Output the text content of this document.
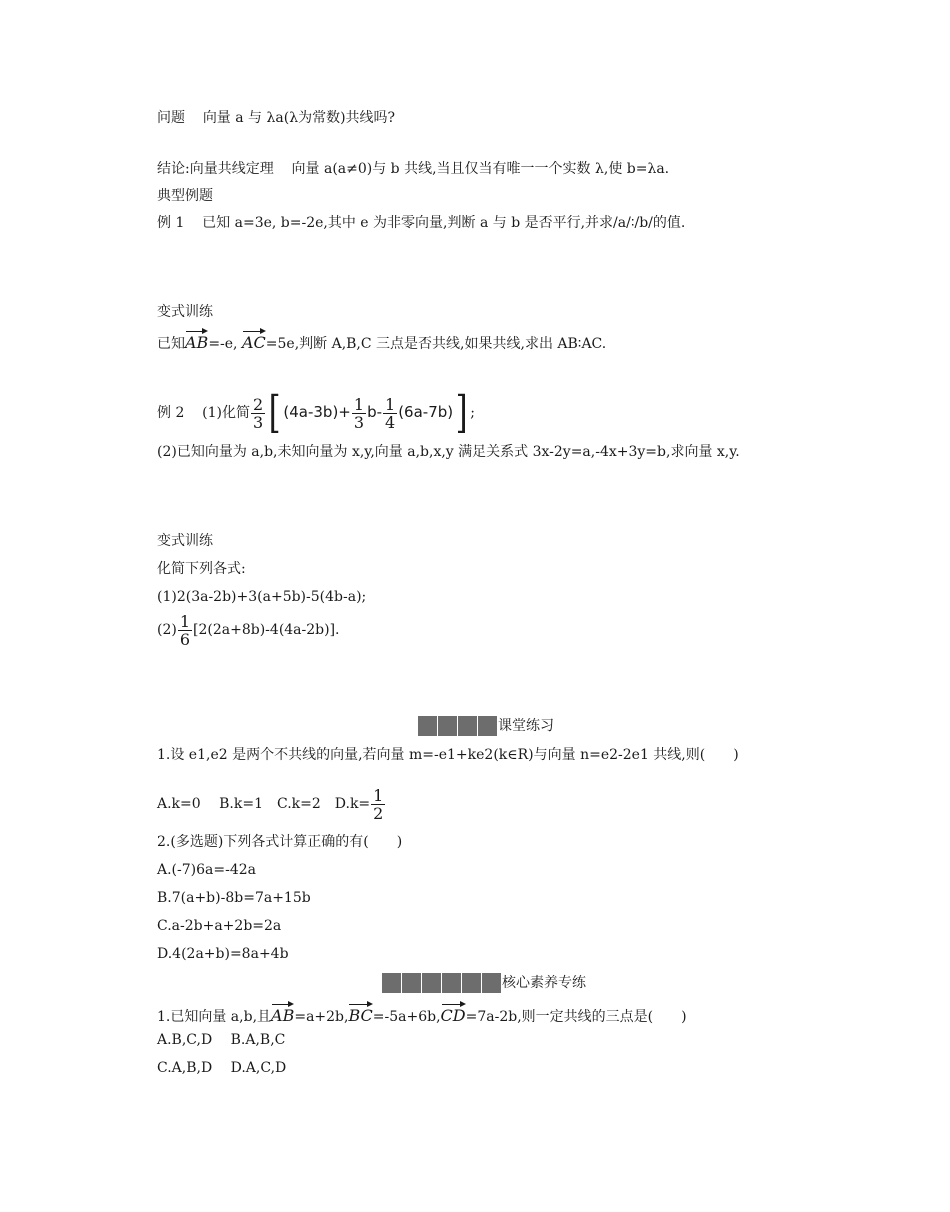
问题 向量 a 与 λa(λ为常数)共线吗?
结论:向量共线定理 向量 a(a≠0)与 b 共线,当且仅当有唯一一个实数 λ,使 b=λa.
典型例题
例 1 已知 a=3e, b=-2e,其中 e 为非零向量,判断 a 与 b 是否平行,并求/a/∶/b/的值.
变式训练
已知AB=-e, AC=5e,判断 A,B,C 三点是否共线,如果共线,求出 AB∶AC.
例 2 (1)化简 $\frac{2}{3}$ [ $(4a-3b)+ \frac{1}{3} b- \frac{1}{4} (6a-7b)$] ;
(2)已知向量为 a,b,未知向量为 x,y,向量 a,b,x,y 满足关系式 3x-2y=a,-4x+3y=b,求向量 x,y.
变式训练
化简下列各式:
(1)2(3a-2b)+3(a+5b)-5(4b-a);
$(2) \frac{1}{6} [2(2a+8b)-4(4a-2b)]$.
课堂练习
1.设 e1,e2 是两个不共线的向量,若向量 m=-e1+ke2(k∈R)与向量 n=e2-2e1 共线,则(　　)
A.k=0　 B.k=1　C.k=2　$D.k= \frac{1}{2}$
2.(多选题)下列各式计算正确的有(　　)
A.(-7)6a=-42a
B.7(a+b)-8b=7a+15b
C.a-2b+a+2b=2a
D.4(2a+b)=8a+4b
核心素养专练
1.已知向量 a,b,且AB=a+2b,BC=-5a+6b,CD=7a-2b,则一定共线的三点是(　　)
A.B,C,D　 B.A,B,C
C.A,B,D　 D.A,C,D
